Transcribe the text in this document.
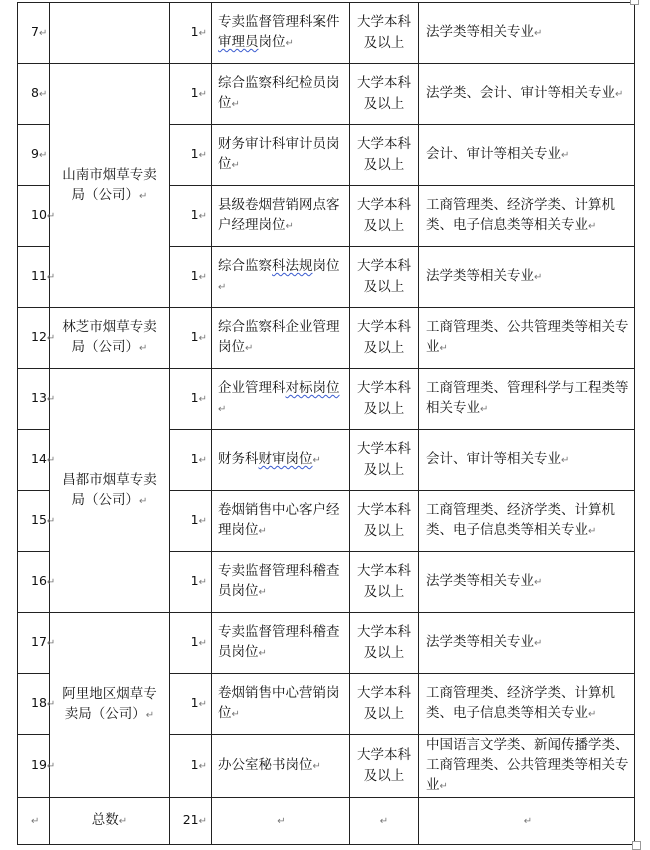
7↵		1↵	专卖监督管理科案件审理员岗位↵	大学本科及以上	法学类等相关专业↵
8↵	山南市烟草专卖局（公司）↵	1↵	综合监察科纪检员岗位↵	大学本科及以上	法学类、会计、审计等相关专业↵
9↵		1↵	财务审计科审计员岗位↵	大学本科及以上	会计、审计等相关专业↵
10↵		1↵	县级卷烟营销网点客户经理岗位↵	大学本科及以上	工商管理类、经济学类、计算机类、电子信息类等相关专业↵
11↵		1↵	综合监察科法规岗位↵	大学本科及以上	法学类等相关专业↵
12↵	林芝市烟草专卖局（公司）↵	1↵	综合监察科企业管理岗位↵	大学本科及以上	工商管理类、公共管理类等相关专业↵
13↵	昌都市烟草专卖局（公司）↵	1↵	企业管理科对标岗位↵	大学本科及以上	工商管理类、管理科学与工程类等相关专业↵
14↵		1↵	财务科财审岗位↵	大学本科及以上	会计、审计等相关专业↵
15↵		1↵	卷烟销售中心客户经理岗位↵	大学本科及以上	工商管理类、经济学类、计算机类、电子信息类等相关专业↵
16↵		1↵	专卖监督管理科稽查员岗位↵	大学本科及以上	法学类等相关专业↵
17↵	阿里地区烟草专卖局（公司）↵	1↵	专卖监督管理科稽查员岗位↵	大学本科及以上	法学类等相关专业↵
18↵		1↵	卷烟销售中心营销岗位↵	大学本科及以上	工商管理类、经济学类、计算机类、电子信息类等相关专业↵
19↵		1↵	办公室秘书岗位↵	大学本科及以上	中国语言文学类、新闻传播学类、工商管理类、公共管理类等相关专业↵
↵	总数↵	21↵	↵	↵	↵
